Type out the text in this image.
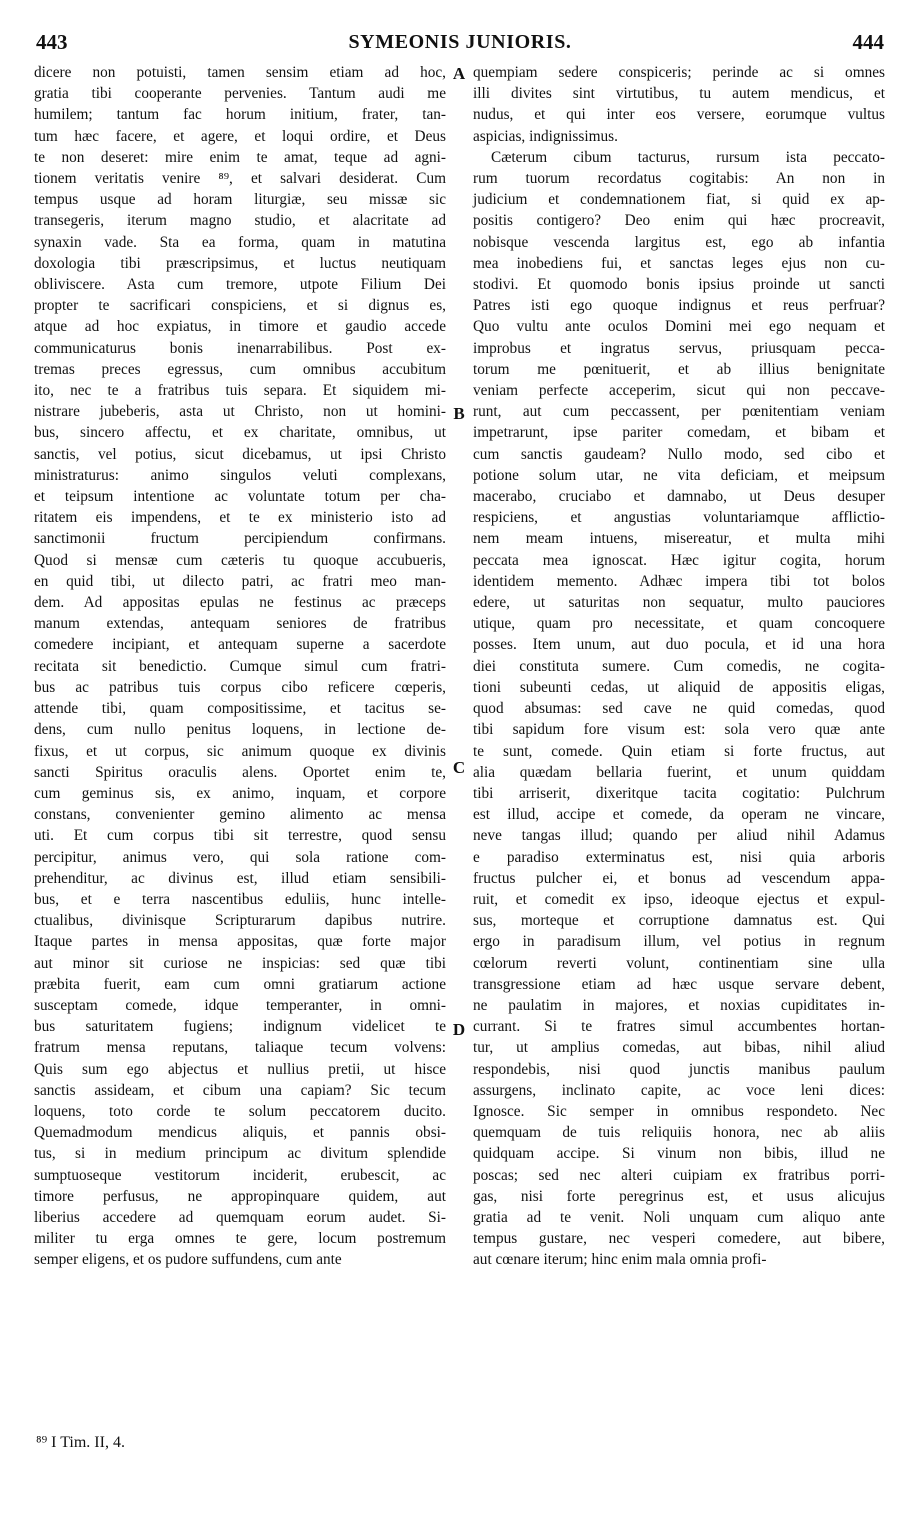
443	SYMEONIS JUNIORIS.	444

dicere non potuisti, tamen sensim etiam ad hoc,

gratia tibi cooperante pervenies. Tantum audi me

humilem; tantum fac horum initium, frater, tan-

tum hæc facere, et agere, et loqui ordire, et Deus

te non deseret: mire enim te amat, teque ad agni-

tionem veritatis venire ⁸⁹, et salvari desiderat. Cum

tempus usque ad horam liturgiæ, seu missæ sic

transegeris, iterum magno studio, et alacritate ad

synaxin vade. Sta ea forma, quam in matutina

doxologia tibi præscripsimus, et luctus neutiquam

obliviscere. Asta cum tremore, utpote Filium Dei

propter te sacrificari conspiciens, et si dignus es,

atque ad hoc expiatus, in timore et gaudio accede

communicaturus bonis inenarrabilibus. Post ex-

tremas preces egressus, cum omnibus accubitum

ito, nec te a fratribus tuis separa. Et siquidem mi-

nistrare jubeberis, asta ut Christo, non ut homini-

bus, sincero affectu, et ex charitate, omnibus, ut

sanctis, vel potius, sicut dicebamus, ut ipsi Christo

ministraturus: animo singulos veluti complexans,

et teipsum intentione ac voluntate totum per cha-

ritatem eis impendens, et te ex ministerio isto ad

sanctimonii fructum percipiendum confirmans.

Quod si mensæ cum cæteris tu quoque accubueris,

en quid tibi, ut dilecto patri, ac fratri meo man-

dem. Ad appositas epulas ne festinus ac præceps

manum extendas, antequam seniores de fratribus

comedere incipiant, et antequam superne a sacerdote

recitata sit benedictio. Cumque simul cum fratri-

bus ac patribus tuis corpus cibo reficere cœperis,

attende tibi, quam compositissime, et tacitus se-

dens, cum nullo penitus loquens, in lectione de-

fixus, et ut corpus, sic animum quoque ex divinis

sancti Spiritus oraculis alens. Oportet enim te,

cum geminus sis, ex animo, inquam, et corpore

constans, convenienter gemino alimento ac mensa

uti. Et cum corpus tibi sit terrestre, quod sensu

percipitur, animus vero, qui sola ratione com-

prehenditur, ac divinus est, illud etiam sensibili-

bus, et e terra nascentibus eduliis, hunc intelle-

ctualibus, divinisque Scripturarum dapibus nutrire.

Itaque partes in mensa appositas, quæ forte major

aut minor sit curiose ne inspicias: sed quæ tibi

præbita fuerit, eam cum omni gratiarum actione

susceptam comede, idque temperanter, in omni-

bus saturitatem fugiens; indignum videlicet te

fratrum mensa reputans, taliaque tecum volvens:

Quis sum ego abjectus et nullius pretii, ut hisce

sanctis assideam, et cibum una capiam? Sic tecum

loquens, toto corde te solum peccatorem ducito.

Quemadmodum mendicus aliquis, et pannis obsi-

tus, si in medium principum ac divitum splendide

sumptuoseque vestitorum inciderit, erubescit, ac

timore perfusus, ne appropinquare quidem, aut

liberius accedere ad quemquam eorum audet. Si-

militer tu erga omnes te gere, locum postremum

semper eligens, et os pudore suffundens, cum ante

quempiam sedere conspiceris; perinde ac si omnes

illi divites sint virtutibus, tu autem mendicus, et

nudus, et qui inter eos versere, eorumque vultus

aspicias, indignissimus.

Cæterum cibum tacturus, rursum ista peccato-

rum tuorum recordatus cogitabis: An non in

judicium et condemnationem fiat, si quid ex ap-

positis contigero? Deo enim qui hæc procreavit,

nobisque vescenda largitus est, ego ab infantia

mea inobediens fui, et sanctas leges ejus non cu-

stodivi. Et quomodo bonis ipsius proinde ut sancti

Patres isti ego quoque indignus et reus perfruar?

Quo vultu ante oculos Domini mei ego nequam et

improbus et ingratus servus, priusquam pecca-

torum me pœnituerit, et ab illius benignitate

veniam perfecte acceperim, sicut qui non peccave-

runt, aut cum peccassent, per pœnitentiam veniam

impetrarunt, ipse pariter comedam, et bibam et

cum sanctis gaudeam? Nullo modo, sed cibo et

potione solum utar, ne vita deficiam, et meipsum

macerabo, cruciabo et damnabo, ut Deus desuper

respiciens, et angustias voluntariamque afflictio-

nem meam intuens, misereatur, et multa mihi

peccata mea ignoscat. Hæc igitur cogita, horum

identidem memento. Adhæc impera tibi tot bolos

edere, ut saturitas non sequatur, multo pauciores

utique, quam pro necessitate, et quam concoquere

posses. Item unum, aut duo pocula, et id una hora

diei constituta sumere. Cum comedis, ne cogita-

tioni subeunti cedas, ut aliquid de appositis eligas,

quod absumas: sed cave ne quid comedas, quod

tibi sapidum fore visum est: sola vero quæ ante

te sunt, comede. Quin etiam si forte fructus, aut

alia quædam bellaria fuerint, et unum quiddam

tibi arriserit, dixeritque tacita cogitatio: Pulchrum

est illud, accipe et comede, da operam ne vincare,

neve tangas illud; quando per aliud nihil Adamus

e paradiso exterminatus est, nisi quia arboris

fructus pulcher ei, et bonus ad vescendum appa-

ruit, et comedit ex ipso, ideoque ejectus et expul-

sus, morteque et corruptione damnatus est. Qui

ergo in paradisum illum, vel potius in regnum

cœlorum reverti volunt, continentiam sine ulla

transgressione etiam ad hæc usque servare debent,

ne paulatim in majores, et noxias cupiditates in-

currant. Si te fratres simul accumbentes hortan-

tur, ut amplius comedas, aut bibas, nihil aliud

respondebis, nisi quod junctis manibus paulum

assurgens, inclinato capite, ac voce leni dices:

Ignosce. Sic semper in omnibus respondeto. Nec

quemquam de tuis reliquiis honora, nec ab aliis

quidquam accipe. Si vinum non bibis, illud ne

poscas; sed nec alteri cuipiam ex fratribus porri-

gas, nisi forte peregrinus est, et usus alicujus

gratia ad te venit. Noli unquam cum aliquo ante

tempus gustare, nec vesperi comedere, aut bibere,

aut cœnare iterum; hinc enim mala omnia profi-

A
B
C
D
⁸⁹ I Tim. II, 4.
